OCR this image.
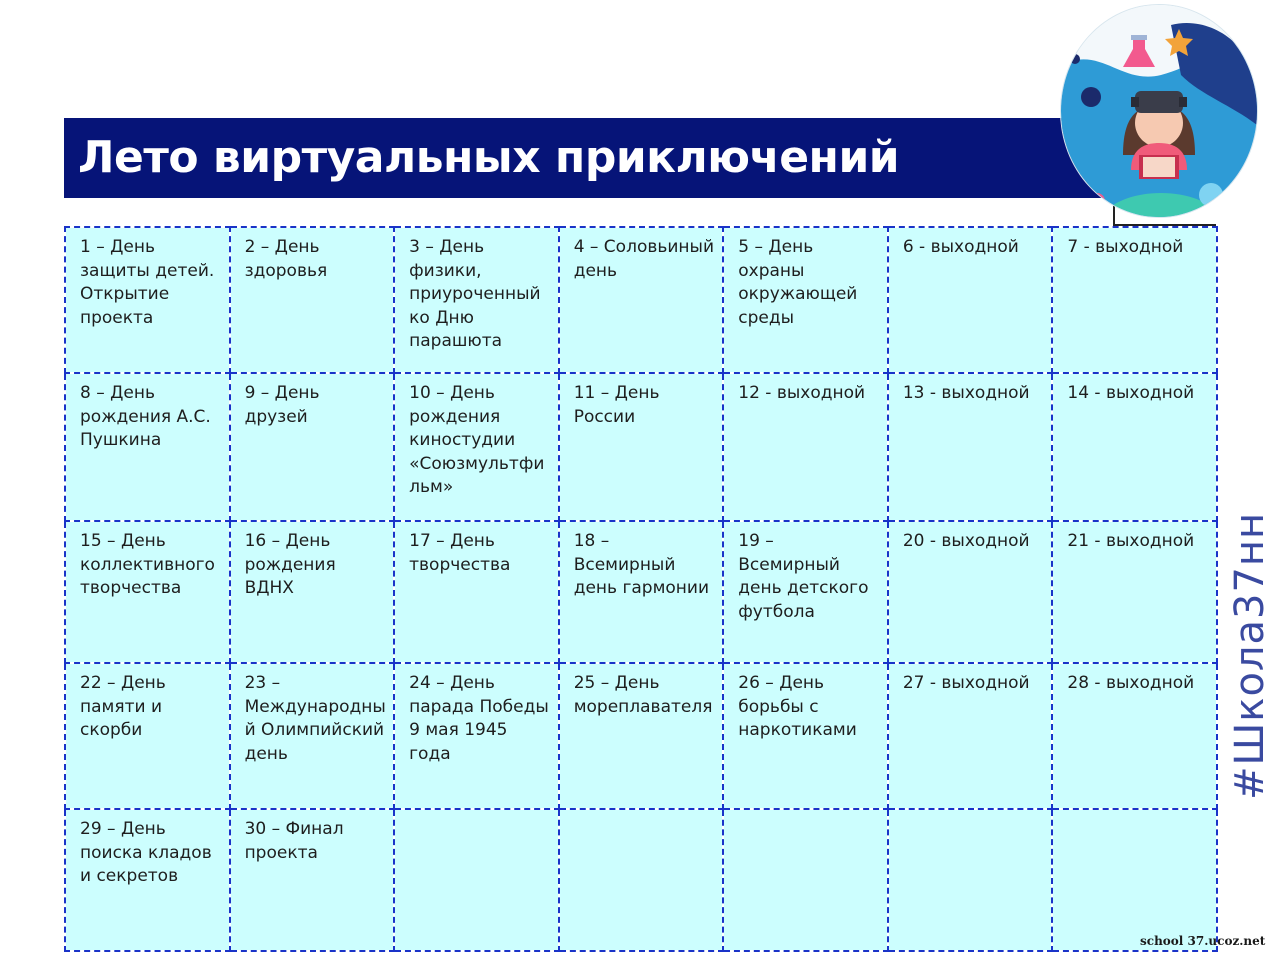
Лето виртуальных приключений
1 – День защиты детей. Открытие проекта	2 – День здоровья	3 – День физики, приуроченный ко Дню парашюта	4 – Соловьиный день	5 – День охраны окружающей среды	6 - выходной	7 - выходной
8 – День рождения А.С. Пушкина	9 – День друзей	10 – День рождения киностудии «Союзмультфильм»	11 – День России	12 - выходной	13 - выходной	14 - выходной
15 – День коллективного творчества	16 – День рождения ВДНХ	17 – День творчества	18 – Всемирный день гармонии	19 – Всемирный день детского футбола	20 - выходной	21 - выходной
22 – День памяти и скорби	23 – Международный Олимпийский день	24 – День парада Победы 9 мая 1945 года	25 – День мореплавателя	26 – День борьбы с наркотиками	27 - выходной	28 - выходной
29 – День поиска кладов и секретов	30 – Финал проекта					
#Школа37нн
school 37.ucoz.net
